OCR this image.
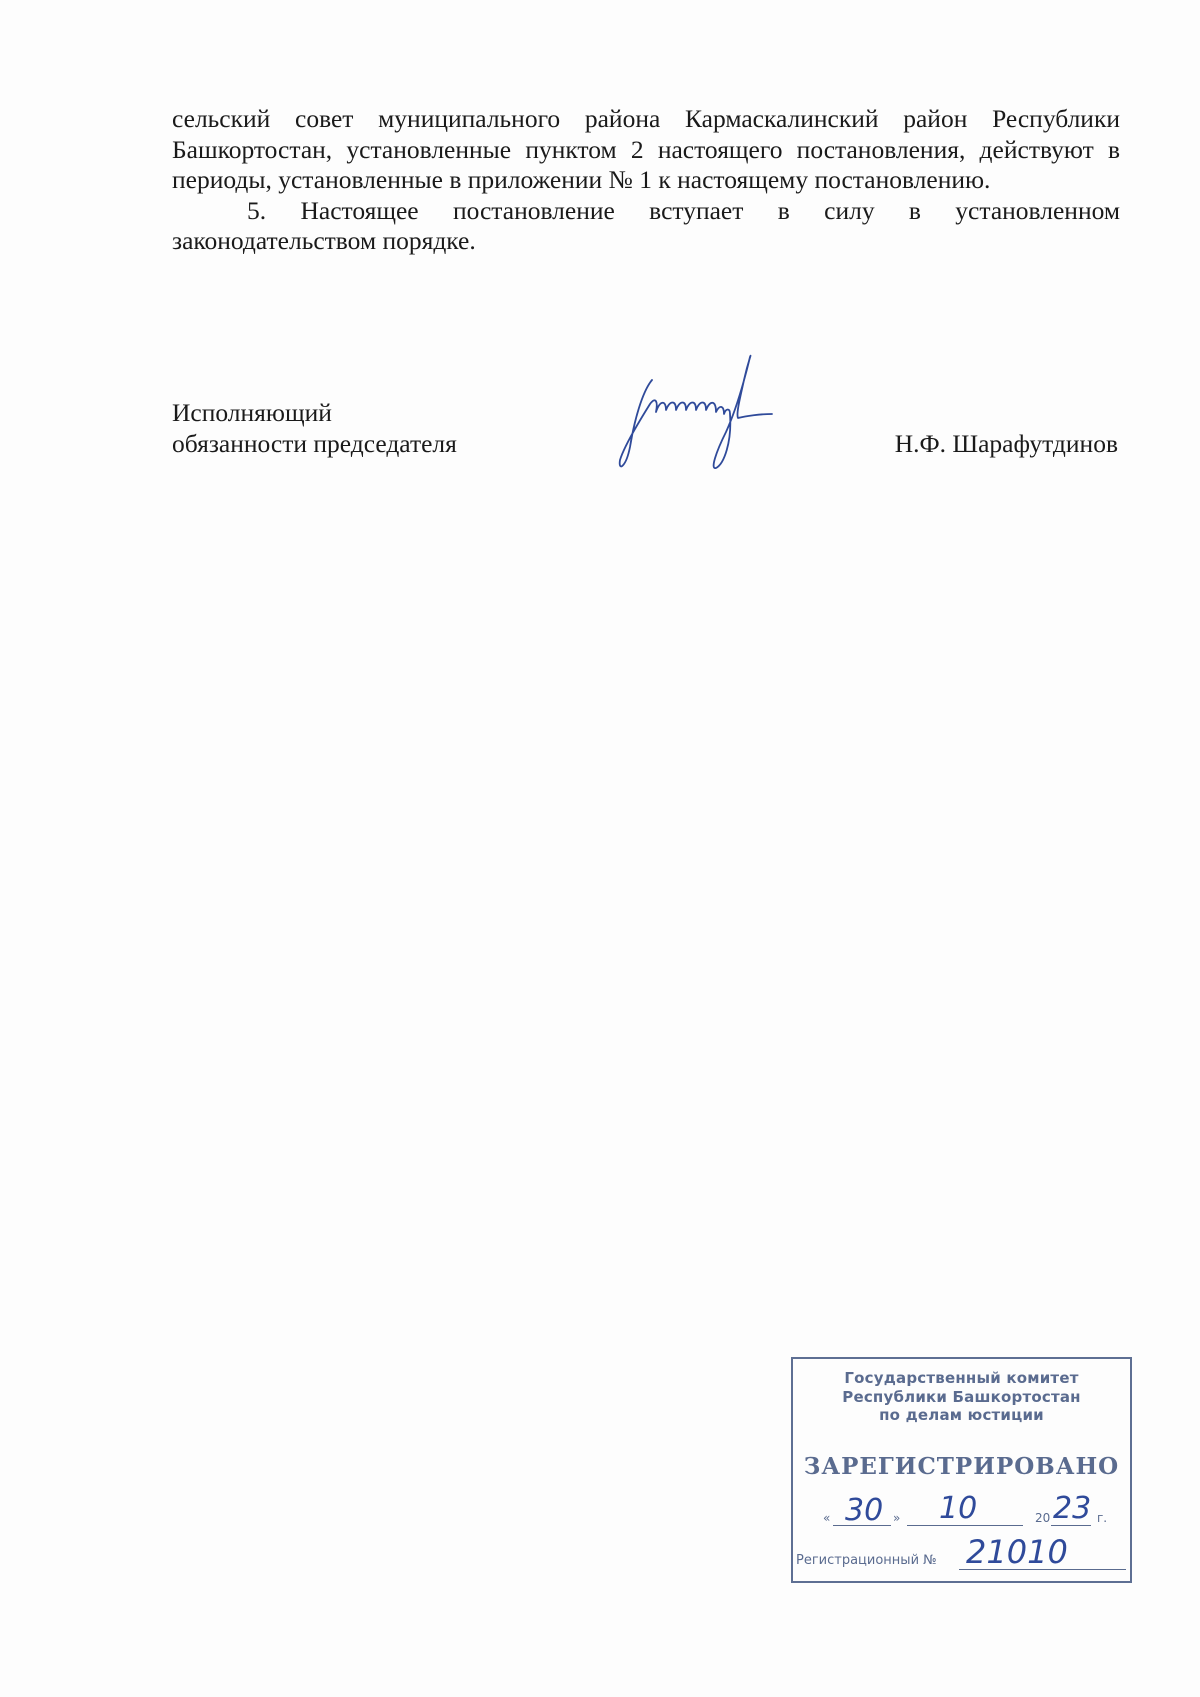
сельский совет муниципального района Кармаскалинский район Республики Башкортостан, установленные пунктом 2 настоящего постановления, действуют в периоды, установленные в приложении № 1 к настоящему постановлению.

5. Настоящее постановление вступает в силу в установленном законодательством порядке.

Исполняющий
обязанности председателя	Н.Ф. Шарафутдинов
Государственный комитет
Республики Башкортостан
по делам юстиции
ЗАРЕГИСТРИРОВАНО
« 30 » 10	20 23 г.
Регистрационный № 21010
